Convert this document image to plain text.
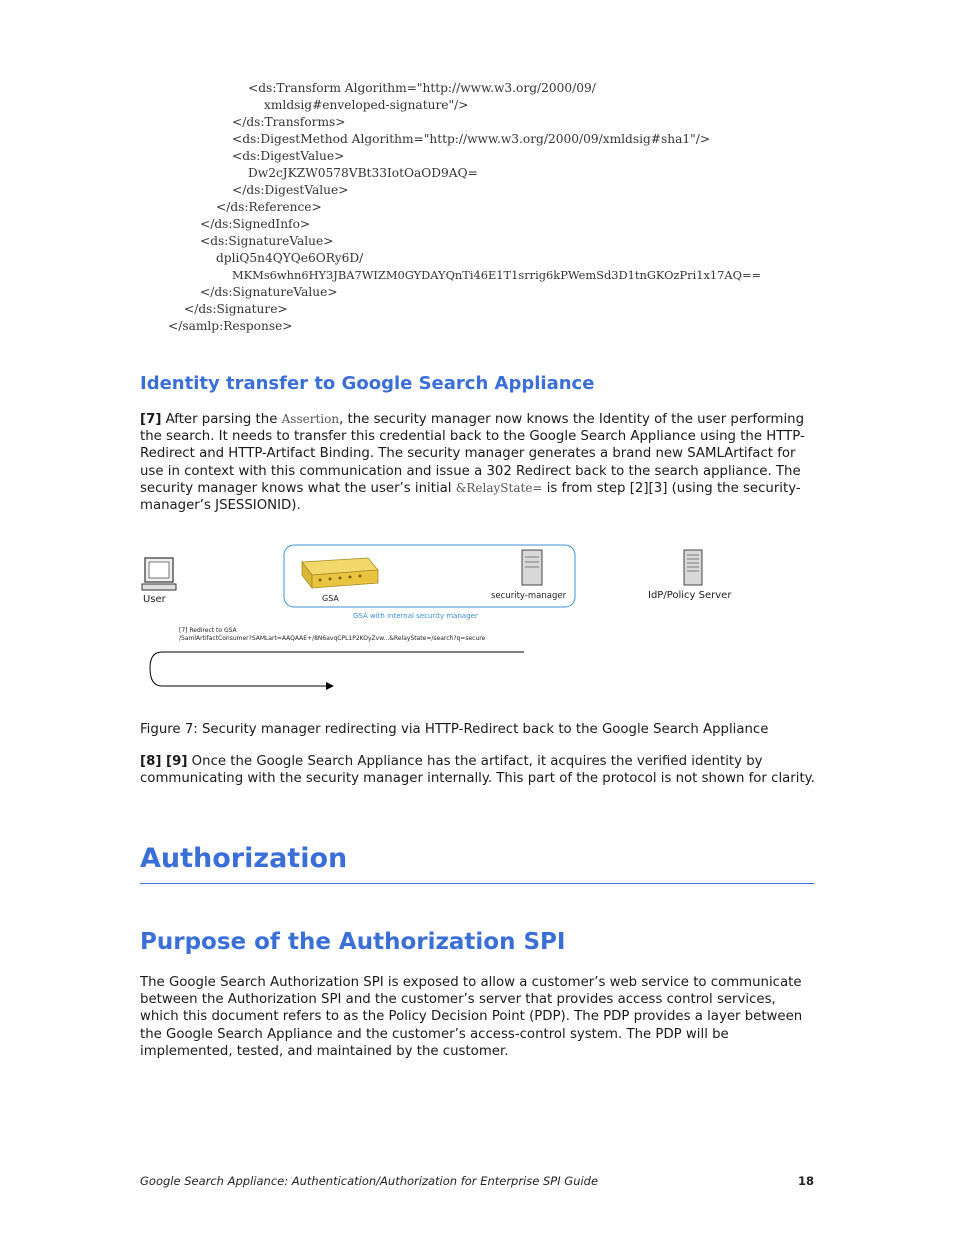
<ds:Transform Algorithm="http://www.w3.org/2000/09/
xmldsig#enveloped-signature"/>
</ds:Transforms>
<ds:DigestMethod Algorithm="http://www.w3.org/2000/09/xmldsig#sha1"/>
<ds:DigestValue>
Dw2cJKZW0578VBt33IotOaOD9AQ=
</ds:DigestValue>
</ds:Reference>
</ds:SignedInfo>
<ds:SignatureValue>
dpliQ5n4QYQe6ORy6D/
MKMs6whn6HY3JBA7WIZM0GYDAYQnTi46E1T1srrig6kPWemSd3D1tnGKOzPri1x17AQ==
</ds:SignatureValue>
</ds:Signature>
</samlp:Response>
Identity transfer to Google Search Appliance

[7] After parsing the Assertion, the security manager now knows the Identity of the user performing the search. It needs to transfer this credential back to the Google Search Appliance using the HTTP-Redirect and HTTP-Artifact Binding. The security manager generates a brand new SAMLArtifact for use in context with this communication and issue a 302 Redirect back to the search appliance. The security manager knows what the user’s initial &RelayState= is from step [2][3] (using the security-manager’s JSESSIONID).

User	GSA	security-manager	IdP/Policy Server
GSA with internal security manager
[7] Redirect to GSA
/SamlArtifactConsumer?SAMLart=AAQAAE+/8N6avqCPL1P2KOyZvw...&RelayState=/search?q=secure

Figure 7: Security manager redirecting via HTTP-Redirect back to the Google Search Appliance

[8] [9] Once the Google Search Appliance has the artifact, it acquires the verified identity by communicating with the security manager internally. This part of the protocol is not shown for clarity.

Authorization
Purpose of the Authorization SPI

The Google Search Authorization SPI is exposed to allow a customer’s web service to communicate between the Authorization SPI and the customer’s server that provides access control services, which this document refers to as the Policy Decision Point (PDP). The PDP provides a layer between the Google Search Appliance and the customer’s access-control system. The PDP will be implemented, tested, and maintained by the customer.

Google Search Appliance: Authentication/Authorization for Enterprise SPI Guide	18
